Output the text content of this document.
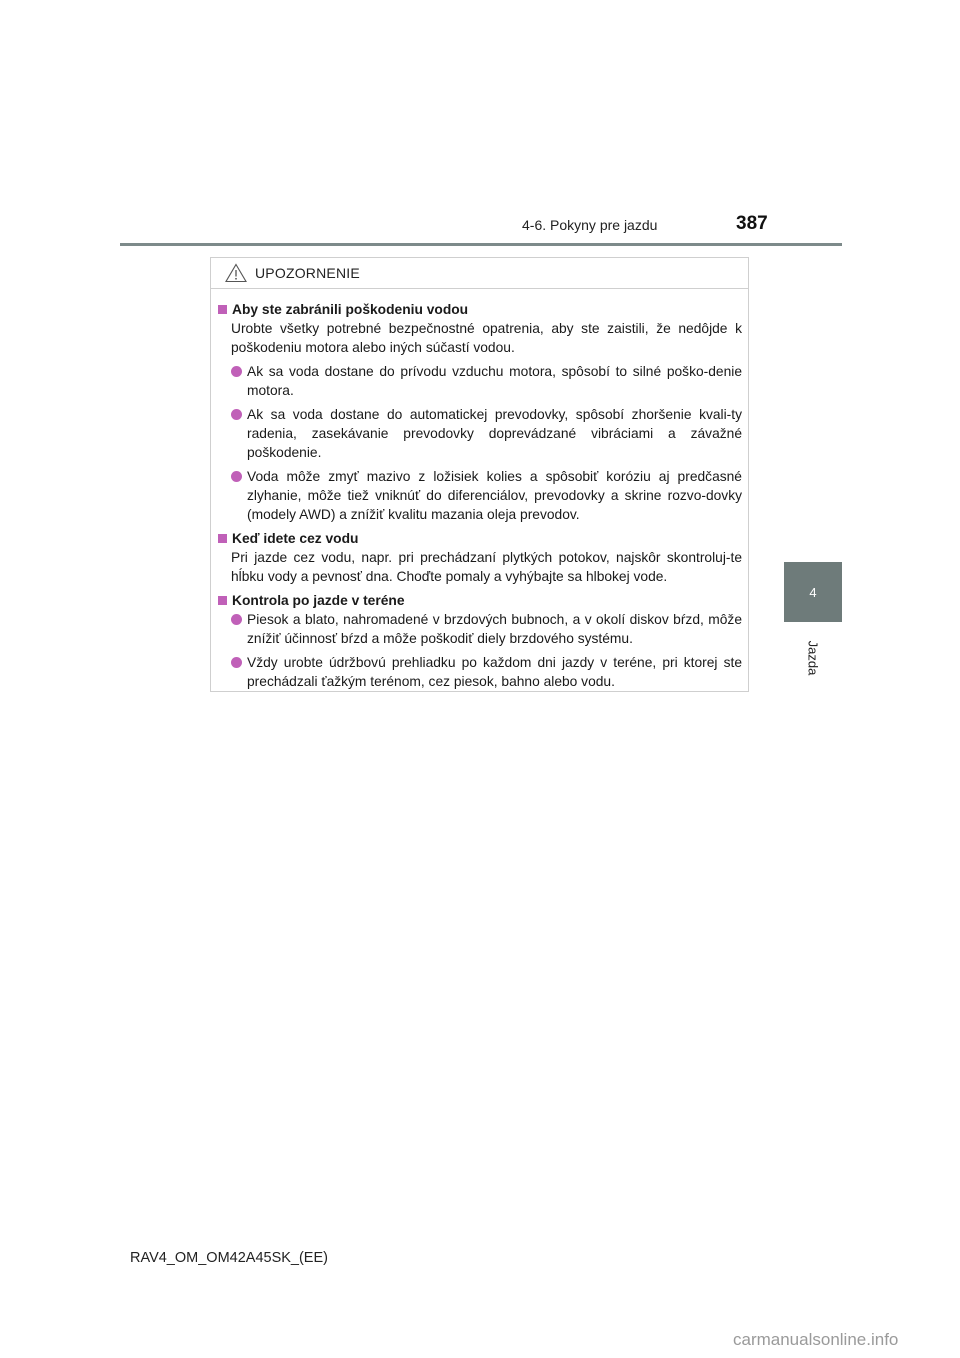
4-6. Pokyny pre jazdu	387
4
Jazda
UPOZORNENIE
Aby ste zabránili poškodeniu vodou
Urobte všetky potrebné bezpečnostné opatrenia, aby ste zaistili, že nedôjde k poškodeniu motora alebo iných súčastí vodou.
Ak sa voda dostane do prívodu vzduchu motora, spôsobí to silné poško-denie motora.
Ak sa voda dostane do automatickej prevodovky, spôsobí zhoršenie kvali-ty radenia, zasekávanie prevodovky doprevádzané vibráciami a závažné poškodenie.
Voda môže zmyť mazivo z ložisiek kolies a spôsobiť koróziu aj predčasné zlyhanie, môže tiež vniknúť do diferenciálov, prevodovky a skrine rozvo-dovky (modely AWD) a znížiť kvalitu mazania oleja prevodov.
Keď idete cez vodu
Pri jazde cez vodu, napr. pri prechádzaní plytkých potokov, najskôr skontroluj-te hĺbku vody a pevnosť dna. Choďte pomaly a vyhýbajte sa hlbokej vode.
Kontrola po jazde v teréne
Piesok a blato, nahromadené v brzdových bubnoch, a v okolí diskov bŕzd, môže znížiť účinnosť bŕzd a môže poškodiť diely brzdového systému.
Vždy urobte údržbovú prehliadku po každom dni jazdy v teréne, pri ktorej ste prechádzali ťažkým terénom, cez piesok, bahno alebo vodu.
RAV4_OM_OM42A45SK_(EE)
carmanualsonline.info
